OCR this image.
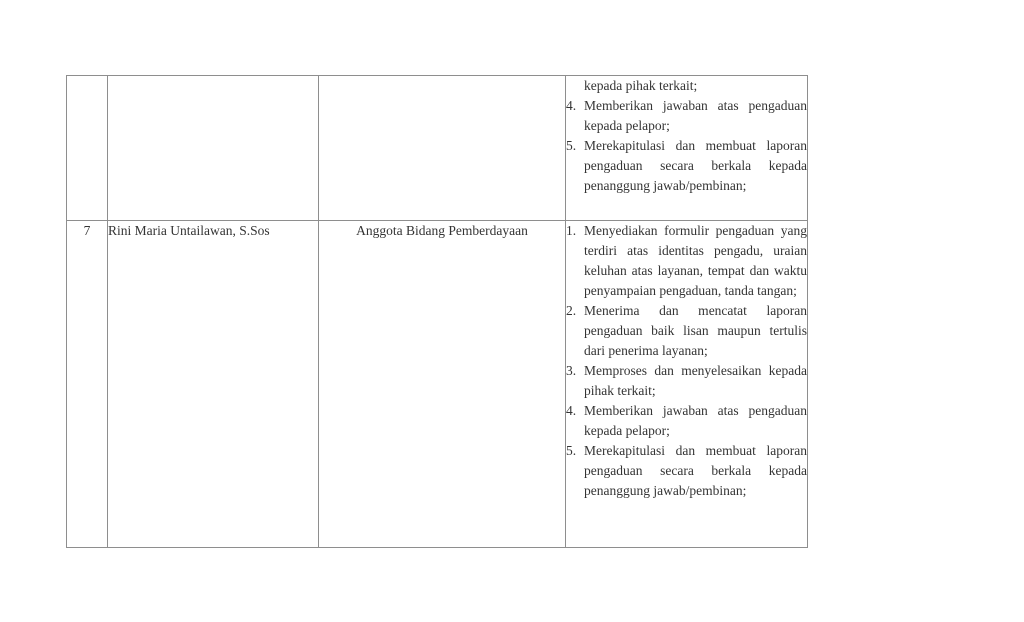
			kepada pihak terkait;
4. Memberikan jawaban atas pengaduan kepada pelapor;
5. Merekapitulasi dan membuat laporan pengaduan secara berkala kepada penanggung jawab/pembinan;

7	Rini Maria Untailawan, S.Sos	Anggota Bidang Pemberdayaan	1. Menyediakan formulir pengaduan yang terdiri atas identitas pengadu, uraian keluhan atas layanan, tempat dan waktu penyampaian pengaduan, tanda tangan;
2. Menerima dan mencatat laporan pengaduan baik lisan maupun tertulis dari penerima layanan;
3. Memproses dan menyelesaikan kepada pihak terkait;
4. Memberikan jawaban atas pengaduan kepada pelapor;
5. Merekapitulasi dan membuat laporan pengaduan secara berkala kepada penanggung jawab/pembinan;
